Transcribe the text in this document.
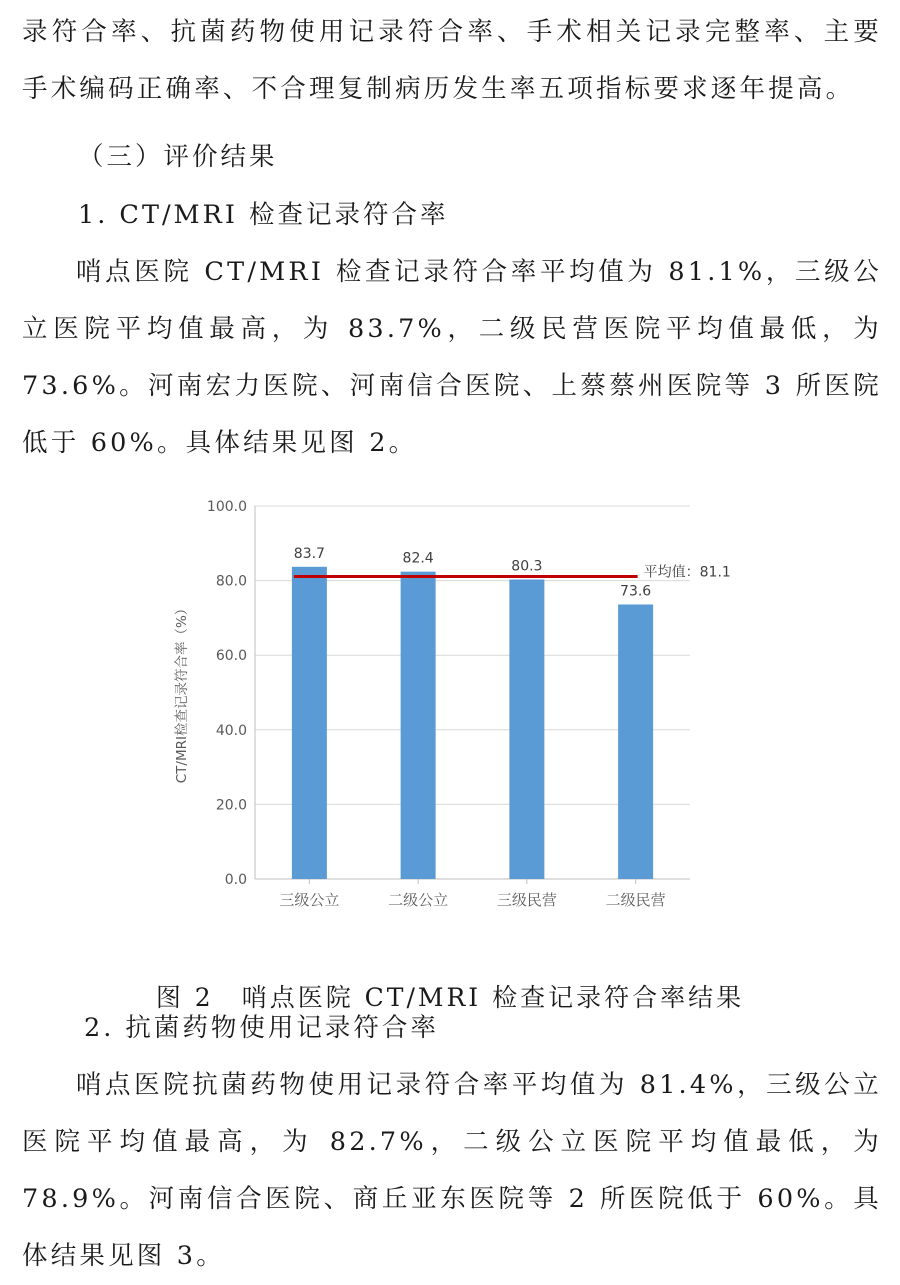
录符合率、抗菌药物使用记录符合率、手术相关记录完整率、主要手术编码正确率、不合理复制病历发生率五项指标要求逐年提高。

（三）评价结果

1. CT/MRI 检查记录符合率

哨点医院 CT/MRI 检查记录符合率平均值为 81.1%，三级公立医院平均值最高，为 83.7%，二级民营医院平均值最低，为 73.6%。河南宏力医院、河南信合医院、上蔡蔡州医院等 3 所医院低于 60%。具体结果见图 2。

0.0
20.0
40.0
60.0
80.0
100.0
83.7
三级公立
82.4
二级公立
80.3
三级民营
73.6
二级民营
平均值：81.1
CT/MRI检查记录符合率（%）

图 2　哨点医院 CT/MRI 检查记录符合率结果

2. 抗菌药物使用记录符合率

哨点医院抗菌药物使用记录符合率平均值为 81.4%，三级公立医院平均值最高，为 82.7%，二级公立医院平均值最低，为 78.9%。河南信合医院、商丘亚东医院等 2 所医院低于 60%。具体结果见图 3。
